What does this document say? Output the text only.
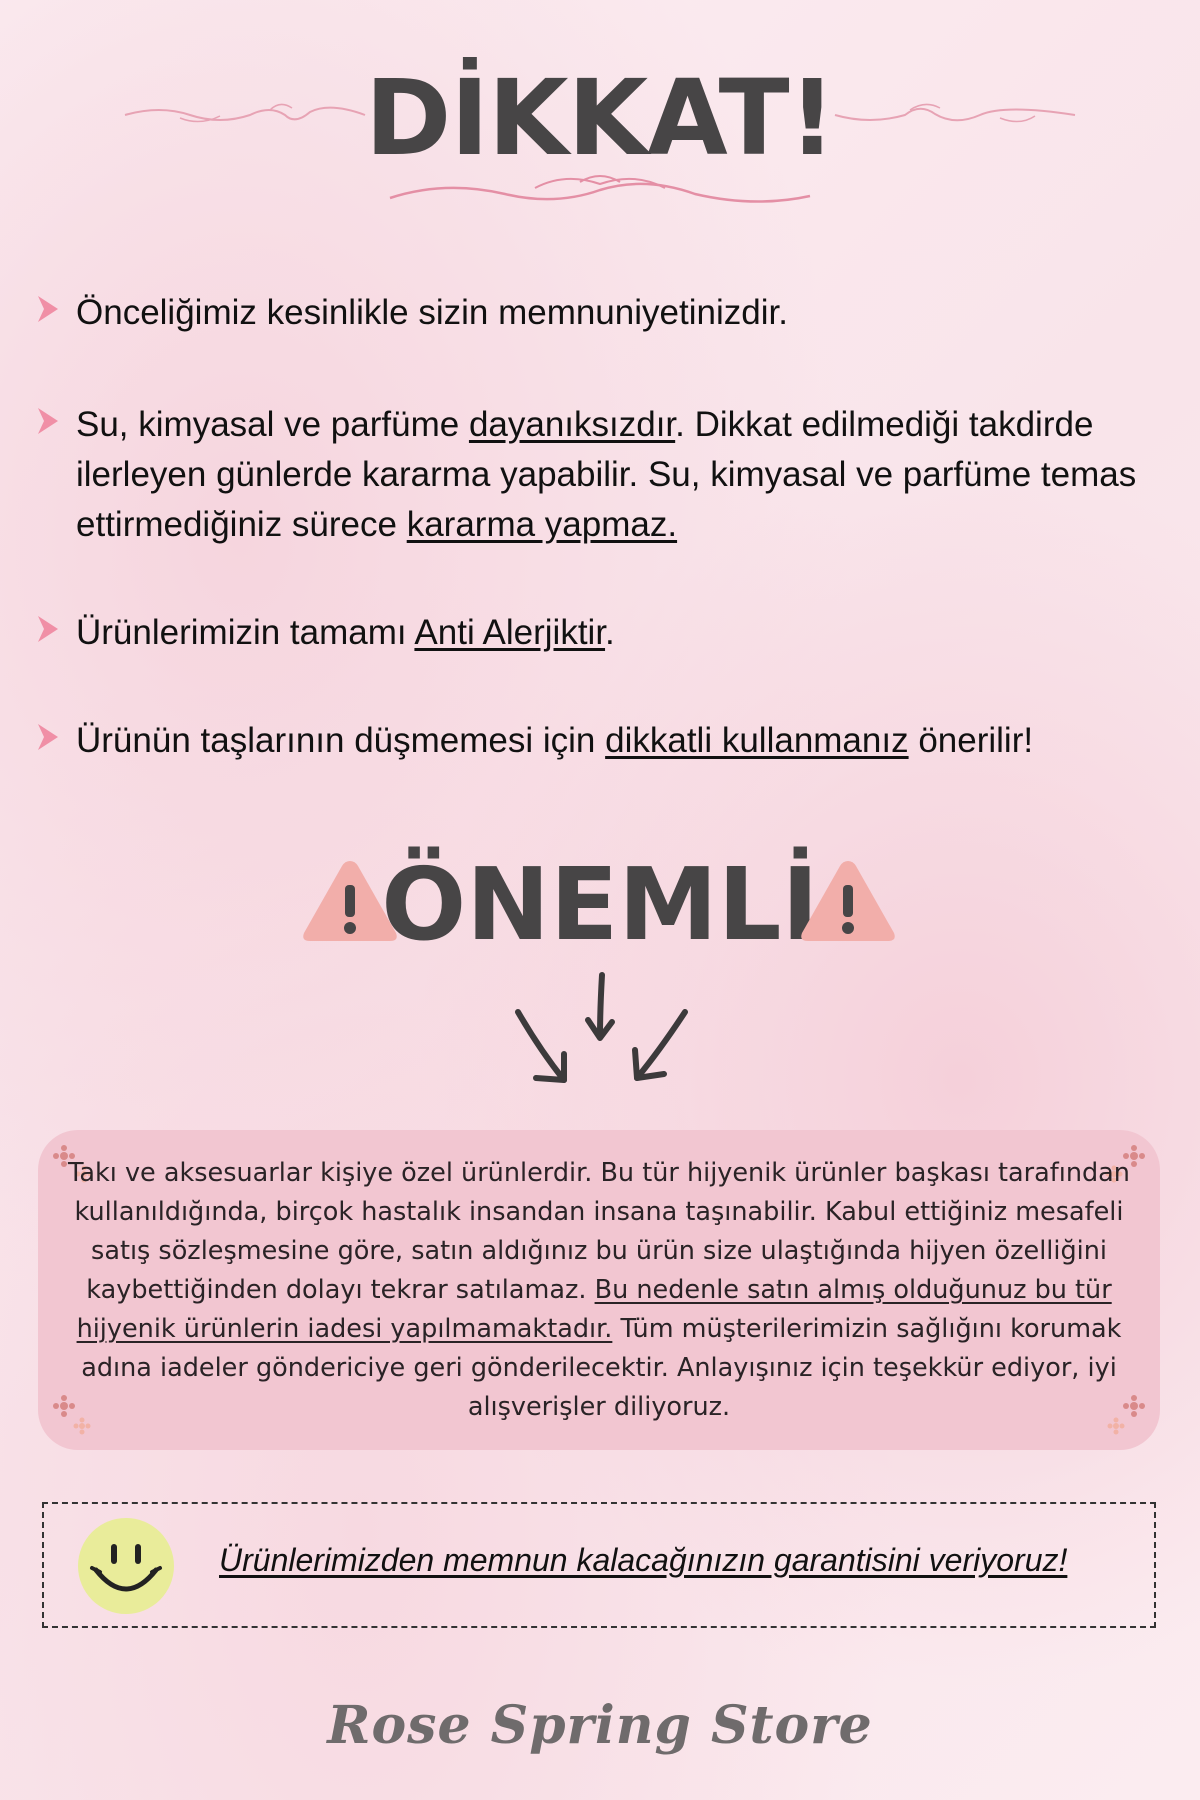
DİKKAT!
Önceliğimiz kesinlikle sizin memnuniyetinizdir.
Su, kimyasal ve parfüme dayanıksızdır. Dikkat edilmediği takdirde ilerleyen günlerde kararma yapabilir. Su, kimyasal ve parfüme temas ettirmediğiniz sürece kararma yapmaz.
Ürünlerimizin tamamı Anti Alerjiktir.
Ürünün taşlarının düşmemesi için dikkatli kullanmanız önerilir!
ÖNEMLİ
Takı ve aksesuarlar kişiye özel ürünlerdir. Bu tür hijyenik ürünler başkası tarafından kullanıldığında, birçok hastalık insandan insana taşınabilir. Kabul ettiğiniz mesafeli satış sözleşmesine göre, satın aldığınız bu ürün size ulaştığında hijyen özelliğini kaybettiğinden dolayı tekrar satılamaz. Bu nedenle satın almış olduğunuz bu tür hijyenik ürünlerin iadesi yapılmamaktadır. Tüm müşterilerimizin sağlığını korumak adına iadeler göndericiye geri gönderilecektir. Anlayışınız için teşekkür ediyor, iyi alışverişler diliyoruz.
Ürünlerimizden memnun kalacağınızın garantisini veriyoruz!
Rose Spring Store
